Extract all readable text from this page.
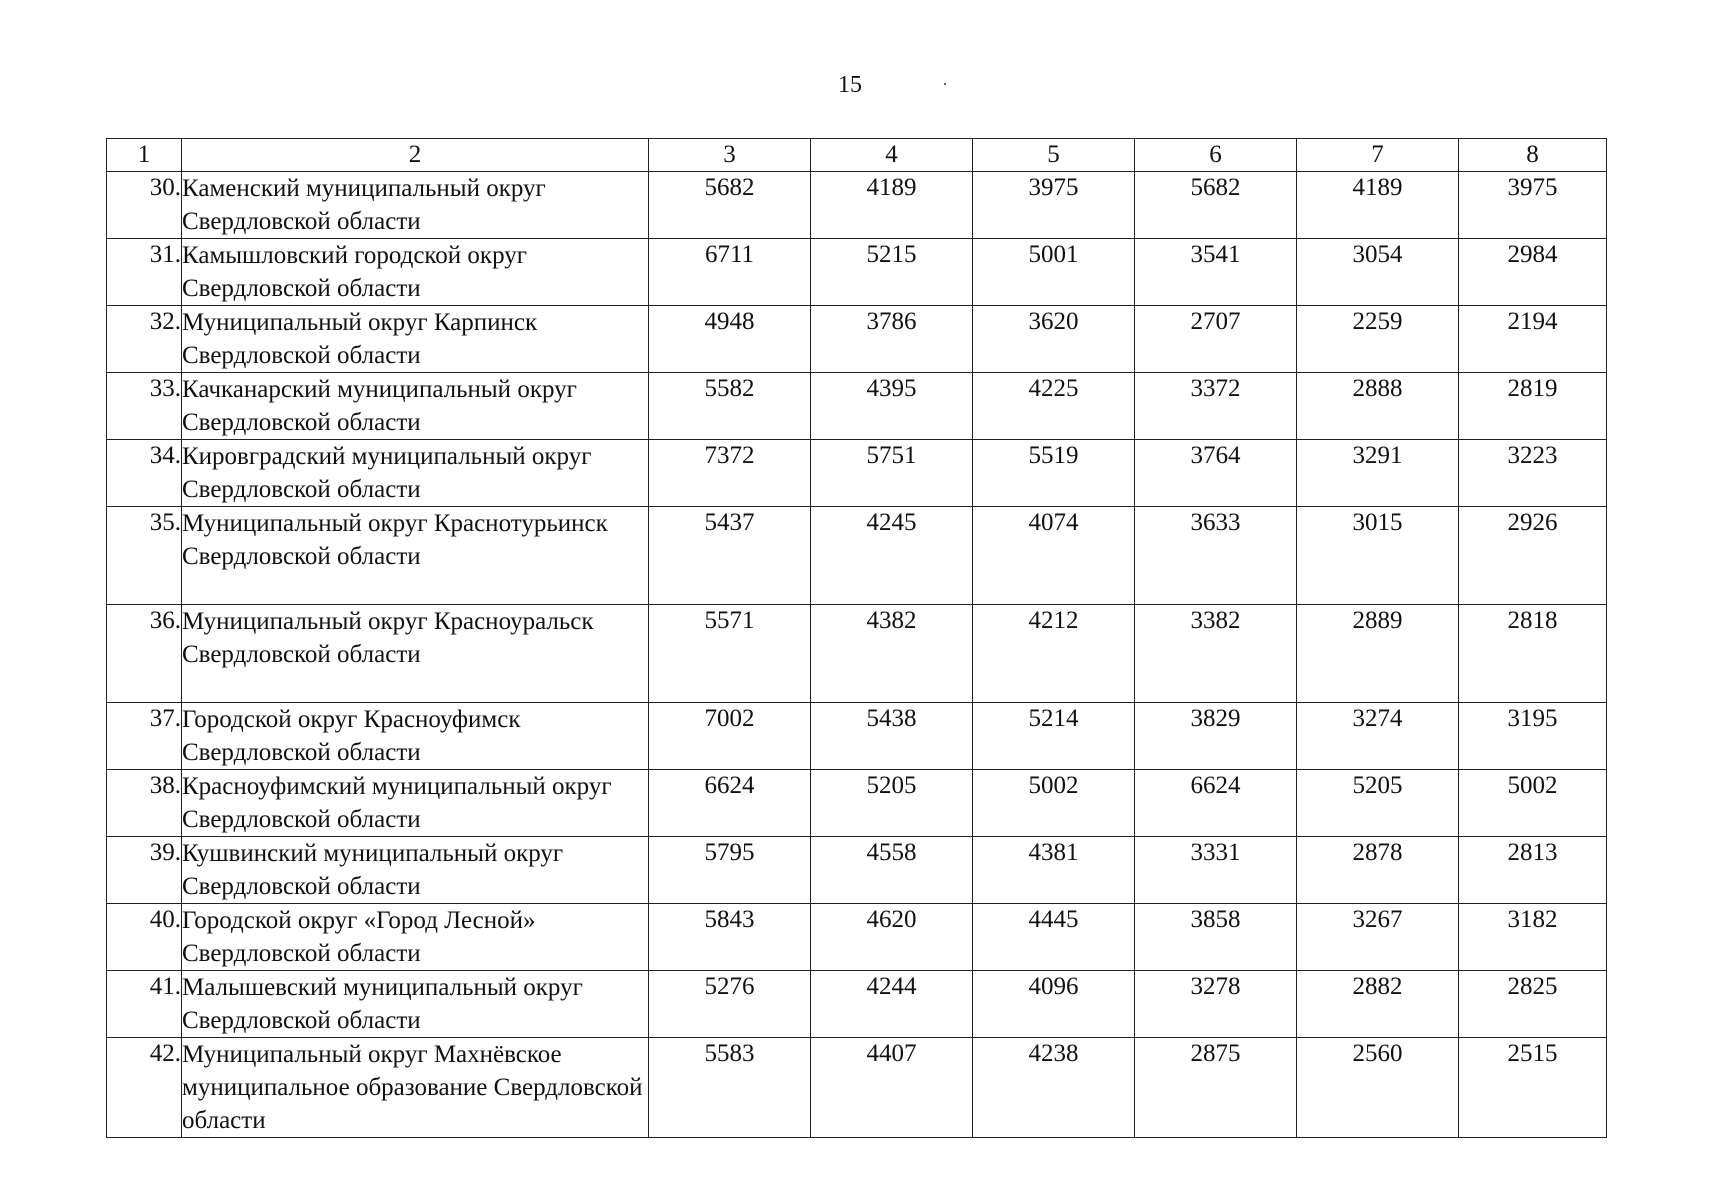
15
1	2	3	4	5	6	7	8
30.	Каменский муниципальный округ Свердловской области	5682	4189	3975	5682	4189	3975
31.	Камышловский городской округ Свердловской области	6711	5215	5001	3541	3054	2984
32.	Муниципальный округ Карпинск Свердловской области	4948	3786	3620	2707	2259	2194
33.	Качканарский муниципальный округ Свердловской области	5582	4395	4225	3372	2888	2819
34.	Кировградский муниципальный округ Свердловской области	7372	5751	5519	3764	3291	3223
35.	Муниципальный округ Краснотурьинск Свердловской области	5437	4245	4074	3633	3015	2926
36.	Муниципальный округ Красноуральск Свердловской области	5571	4382	4212	3382	2889	2818
37.	Городской округ Красноуфимск Свердловской области	7002	5438	5214	3829	3274	3195
38.	Красноуфимский муниципальный округ Свердловской области	6624	5205	5002	6624	5205	5002
39.	Кушвинский муниципальный округ Свердловской области	5795	4558	4381	3331	2878	2813
40.	Городской округ «Город Лесной» Свердловской области	5843	4620	4445	3858	3267	3182
41.	Малышевский муниципальный округ Свердловской области	5276	4244	4096	3278	2882	2825
42.	Муниципальный округ Махнёвское муниципальное образование Свердловской области	5583	4407	4238	2875	2560	2515
